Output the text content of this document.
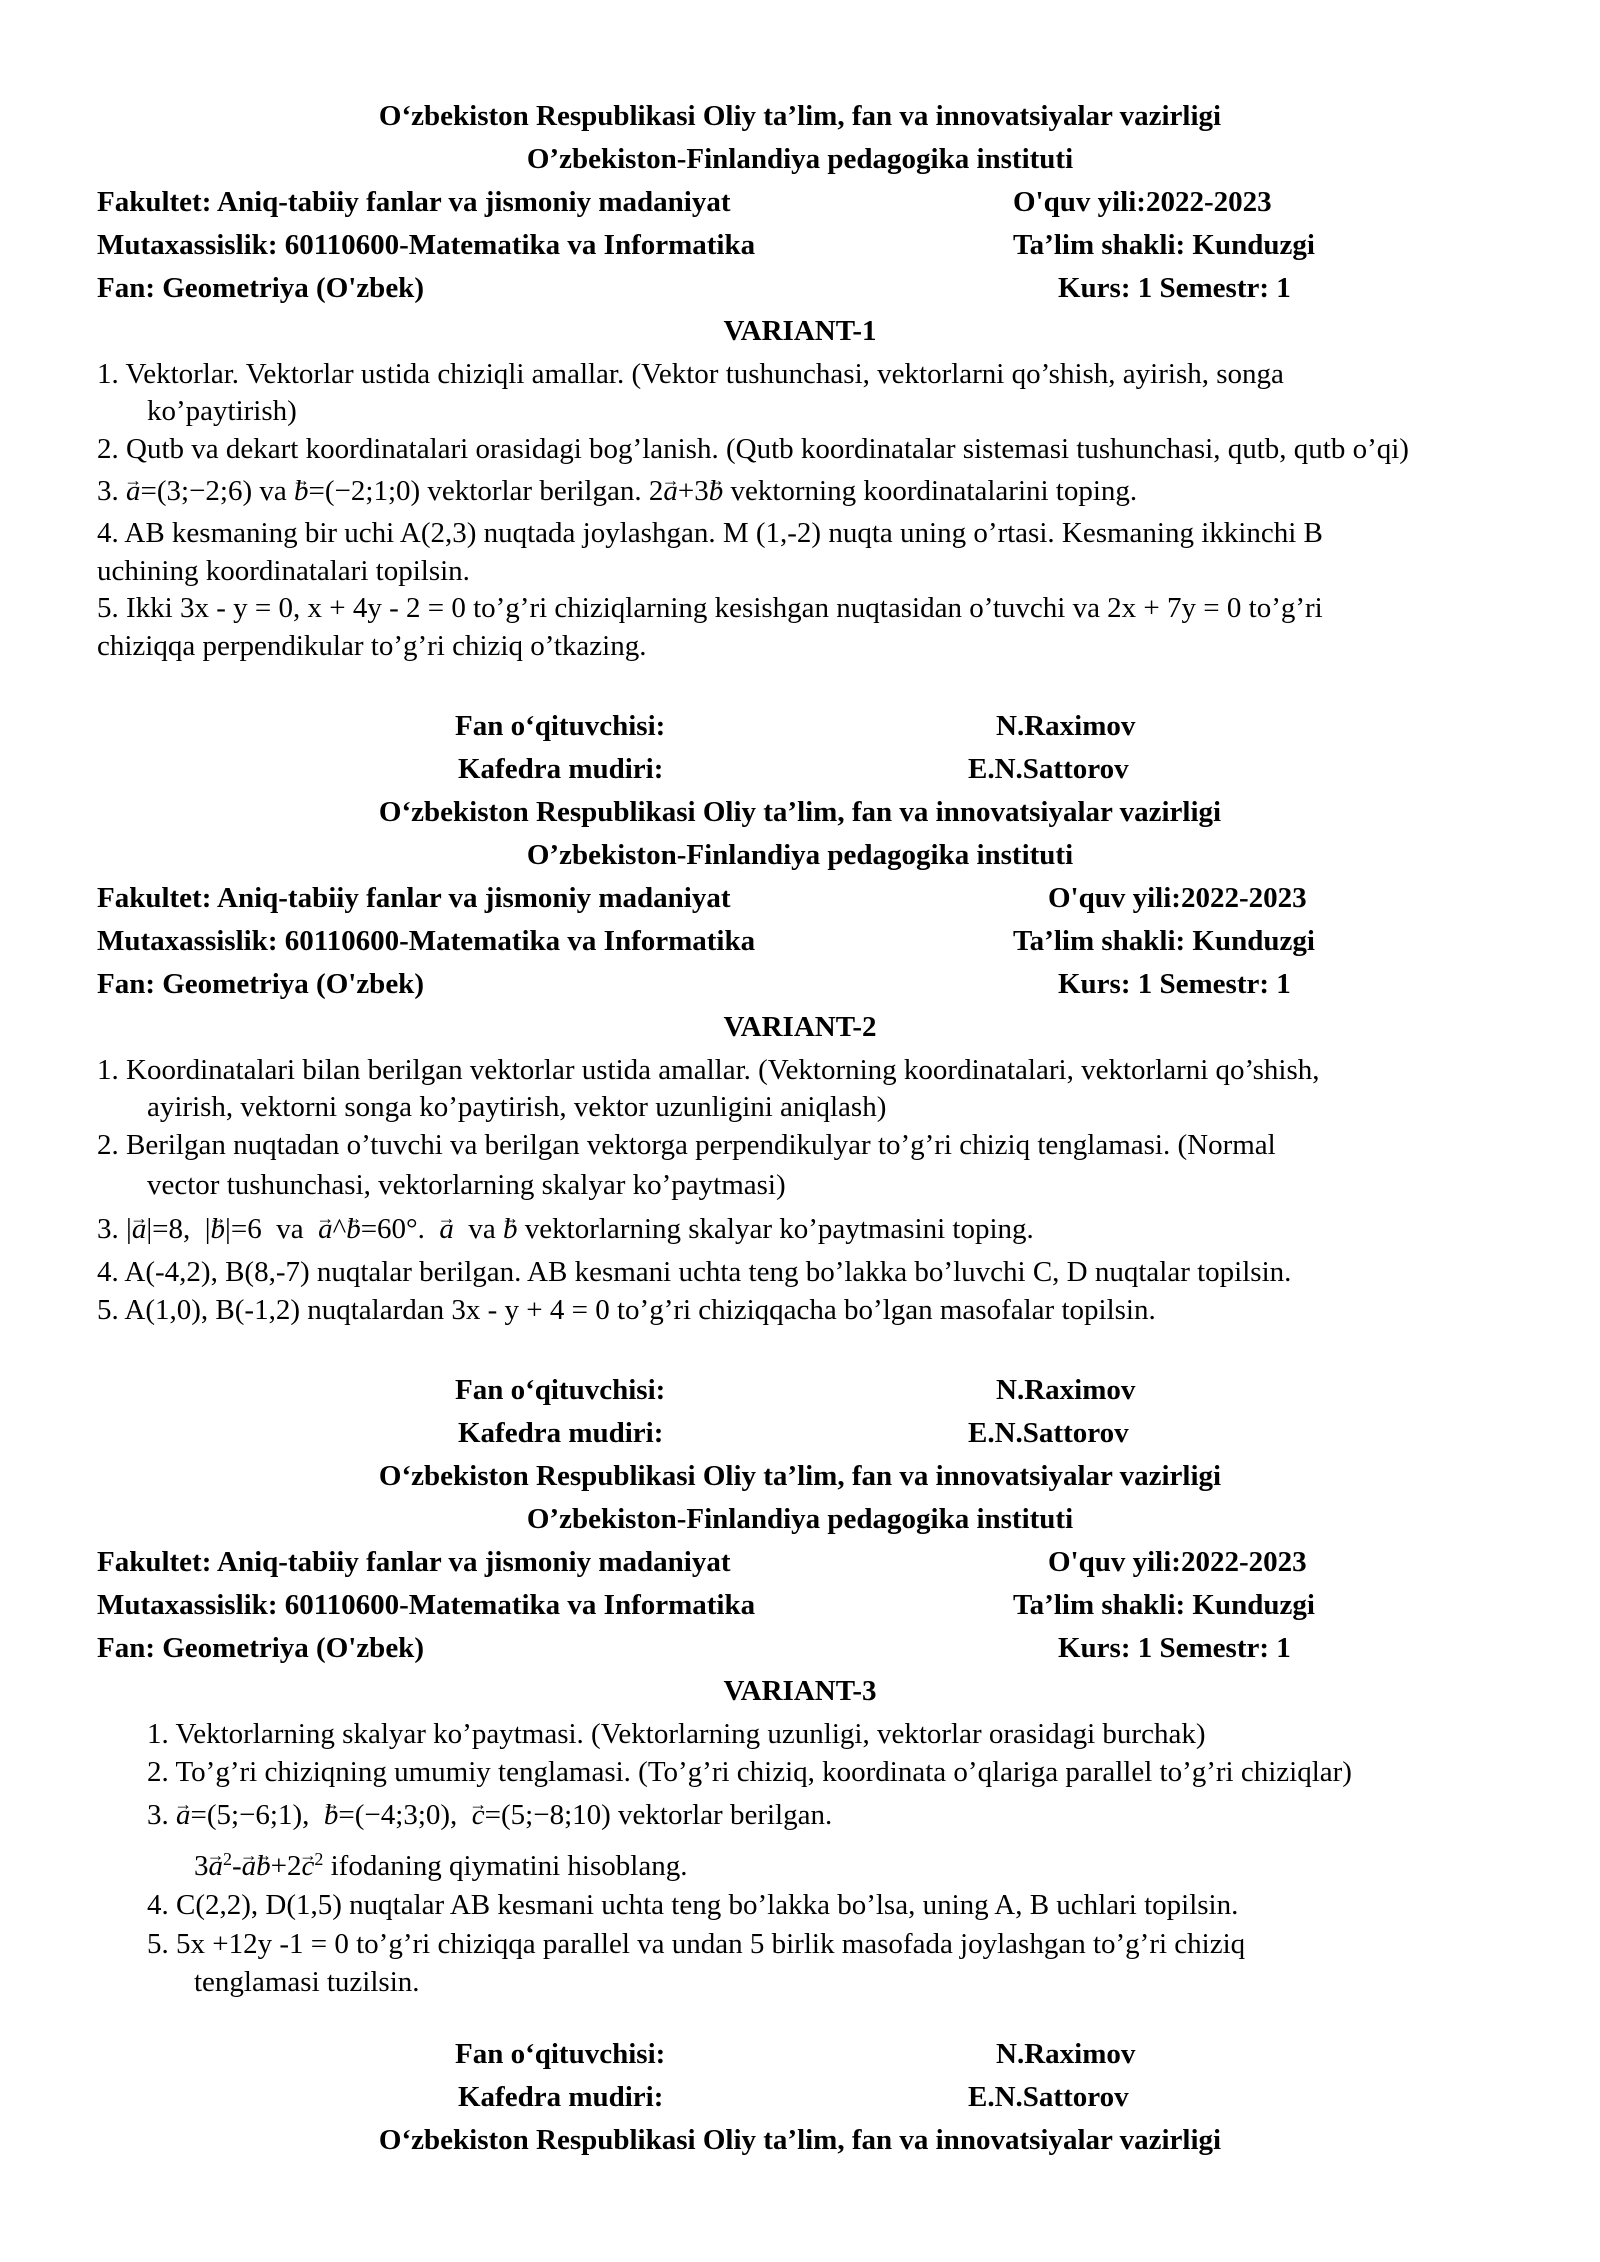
O‘zbekiston Respublikasi Oliy ta’lim, fan va innovatsiyalar vazirligi
O’zbekiston-Finlandiya pedagogika instituti
Fakultet: Aniq-tabiiy fanlar va jismoniy madaniyat	O'quv yili:2022-2023
Mutaxassislik: 60110600-Matematika va Informatika	Ta’lim shakli: Kunduzgi
Fan: Geometriya (O'zbek)	Kurs: 1 Semestr: 1
VARIANT-1
1. Vektorlar. Vektorlar ustida chiziqli amallar. (Vektor tushunchasi, vektorlarni qo’shish, ayirish, songa
ko’paytirish)
2. Qutb va dekart koordinatalari orasidagi bog’lanish. (Qutb koordinatalar sistemasi tushunchasi, qutb, qutb o’qi)
3. → a=(3;−2;6) va → b=(−2;1;0) vektorlar berilgan. 2→ a+3→ b vektorning koordinatalarini toping.
4. AB kesmaning bir uchi A(2,3) nuqtada joylashgan. M (1,-2) nuqta uning o’rtasi. Kesmaning ikkinchi B
uchining koordinatalari topilsin.
5. Ikki 3x - y = 0, x + 4y - 2 = 0 to’g’ri chiziqlarning kesishgan nuqtasidan o’tuvchi va 2x + 7y = 0 to’g’ri
chiziqqa perpendikular to’g’ri chiziq o’tkazing.
Fan o‘qituvchisi:	N.Raximov
Kafedra mudiri:	E.N.Sattorov
O‘zbekiston Respublikasi Oliy ta’lim, fan va innovatsiyalar vazirligi
O’zbekiston-Finlandiya pedagogika instituti
Fakultet: Aniq-tabiiy fanlar va jismoniy madaniyat	O'quv yili:2022-2023
Mutaxassislik: 60110600-Matematika va Informatika	Ta’lim shakli: Kunduzgi
Fan: Geometriya (O'zbek)	Kurs: 1 Semestr: 1
VARIANT-2
1. Koordinatalari bilan berilgan vektorlar ustida amallar. (Vektorning koordinatalari, vektorlarni qo’shish,
ayirish, vektorni songa ko’paytirish, vektor uzunligini aniqlash)
2. Berilgan nuqtadan o’tuvchi va berilgan vektorga perpendikulyar to’g’ri chiziq tenglamasi. (Normal
vector tushunchasi, vektorlarning skalyar ko’paytmasi)
3. |→ a|=8,  |→ b|=6  va  → a^→ b=60°.  → a  va → b vektorlarning skalyar ko’paytmasini toping.
4. A(-4,2), B(8,-7) nuqtalar berilgan. AB kesmani uchta teng bo’lakka bo’luvchi C, D nuqtalar topilsin.
5. A(1,0), B(-1,2) nuqtalardan 3x - y + 4 = 0 to’g’ri chiziqqacha bo’lgan masofalar topilsin.
Fan o‘qituvchisi:	N.Raximov
Kafedra mudiri:	E.N.Sattorov
O‘zbekiston Respublikasi Oliy ta’lim, fan va innovatsiyalar vazirligi
O’zbekiston-Finlandiya pedagogika instituti
Fakultet: Aniq-tabiiy fanlar va jismoniy madaniyat	O'quv yili:2022-2023
Mutaxassislik: 60110600-Matematika va Informatika	Ta’lim shakli: Kunduzgi
Fan: Geometriya (O'zbek)	Kurs: 1 Semestr: 1
VARIANT-3
1. Vektorlarning skalyar ko’paytmasi. (Vektorlarning uzunligi, vektorlar orasidagi burchak)
2. To’g’ri chiziqning umumiy tenglamasi. (To’g’ri chiziq, koordinata o’qlariga parallel to’g’ri chiziqlar)
3. → a=(5;−6;1),  → b=(−4;3;0),  → c=(5;−8;10) vektorlar berilgan.
$3\to a^2-\to a\to b+2\to c^2$ ifodaning qiymatini hisoblang.
4. C(2,2), D(1,5) nuqtalar AB kesmani uchta teng bo’lakka bo’lsa, uning A, B uchlari topilsin.
5. 5x +12y -1 = 0 to’g’ri chiziqqa parallel va undan 5 birlik masofada joylashgan to’g’ri chiziq
tenglamasi tuzilsin.
Fan o‘qituvchisi:	N.Raximov
Kafedra mudiri:	E.N.Sattorov
O‘zbekiston Respublikasi Oliy ta’lim, fan va innovatsiyalar vazirligi
